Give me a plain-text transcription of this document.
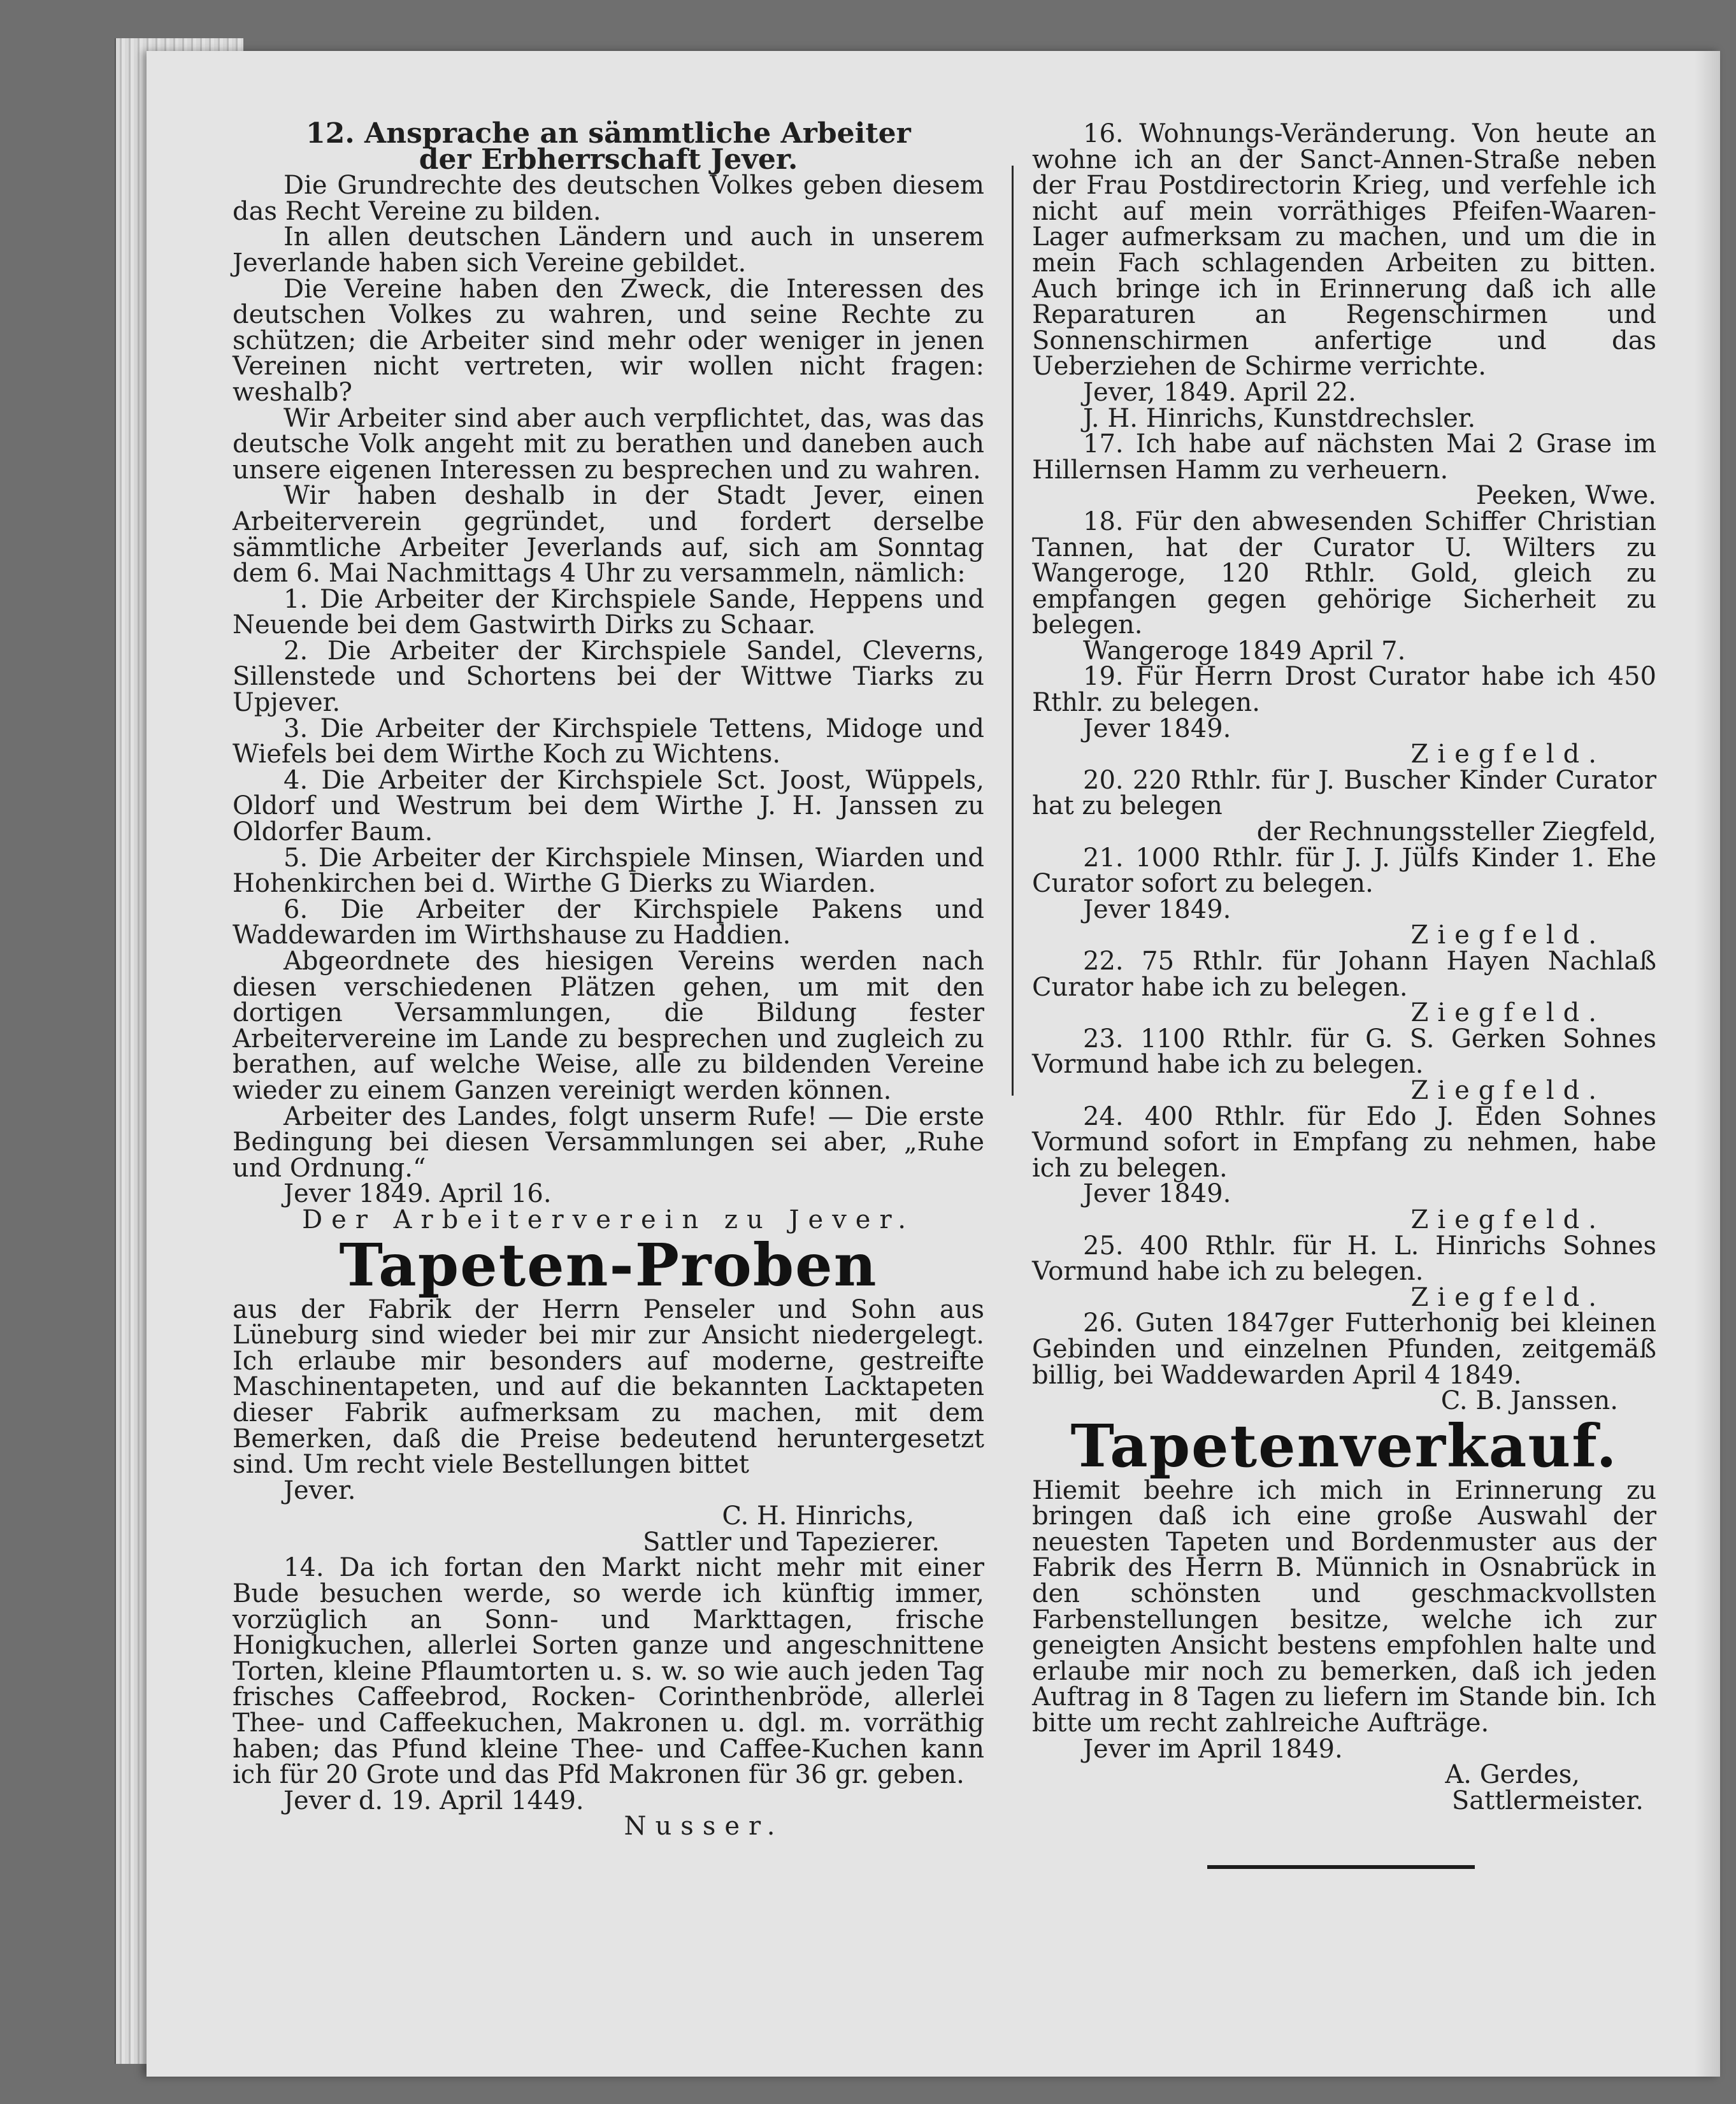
12. Ansprache an sämmtliche Arbeiter

der Erbherrschaft Jever.

Die Grundrechte des deutschen Volkes geben diesem das Recht Vereine zu bilden.

In allen deutschen Ländern und auch in unserem Jeverlande haben sich Vereine gebildet.

Die Vereine haben den Zweck, die Interessen des deutschen Volkes zu wahren, und seine Rechte zu schützen; die Arbeiter sind mehr oder weniger in jenen Vereinen nicht vertreten, wir wollen nicht fragen: weshalb?

Wir Arbeiter sind aber auch verpflichtet, das, was das deutsche Volk angeht mit zu berathen und daneben auch unsere eigenen Interessen zu besprechen und zu wahren.

Wir haben deshalb in der Stadt Jever, einen Arbeiterverein gegründet, und fordert derselbe sämmtliche Arbeiter Jeverlands auf, sich am Sonntag dem 6. Mai Nachmittags 4 Uhr zu versammeln, nämlich:

1. Die Arbeiter der Kirchspiele Sande, Heppens und Neuende bei dem Gastwirth Dirks zu Schaar.

2. Die Arbeiter der Kirchspiele Sandel, Cleverns, Sillenstede und Schortens bei der Wittwe Tiarks zu Upjever.

3. Die Arbeiter der Kirchspiele Tettens, Midoge und Wiefels bei dem Wirthe Koch zu Wichtens.

4. Die Arbeiter der Kirchspiele Sct. Joost, Wüppels, Oldorf und Westrum bei dem Wirthe J. H. Janssen zu Oldorfer Baum.

5. Die Arbeiter der Kirchspiele Minsen, Wiarden und Hohenkirchen bei d. Wirthe G Dierks zu Wiarden.

6. Die Arbeiter der Kirchspiele Pakens und Waddewarden im Wirthshause zu Haddien.

Abgeordnete des hiesigen Vereins werden nach diesen verschiedenen Plätzen gehen, um mit den dortigen Versammlungen, die Bildung fester Arbeitervereine im Lande zu besprechen und zugleich zu berathen, auf welche Weise, alle zu bildenden Vereine wieder zu einem Ganzen vereinigt werden können.

Arbeiter des Landes, folgt unserm Rufe! — Die erste Bedingung bei diesen Versammlungen sei aber, „Ruhe und Ordnung.“

Jever 1849. April 16.

Der Arbeiterverein zu Jever.

Tapeten-Proben

aus der Fabrik der Herrn Penseler und Sohn aus Lüneburg sind wieder bei mir zur Ansicht niedergelegt. Ich erlaube mir besonders auf moderne, gestreifte Maschinentapeten, und auf die bekannten Lacktapeten dieser Fabrik aufmerksam zu machen, mit dem Bemerken, daß die Preise bedeutend heruntergesetzt sind. Um recht viele Bestellungen bittet

Jever.

C. H. Hinrichs,

Sattler und Tapezierer.

14. Da ich fortan den Markt nicht mehr mit einer Bude besuchen werde, so werde ich künftig immer, vorzüglich an Sonn- und Markttagen, frische Honigkuchen, allerlei Sorten ganze und angeschnittene Torten, kleine Pflaumtorten u. s. w. so wie auch jeden Tag frisches Caffeebrod, Rocken- Corinthenbröde, allerlei Thee- und Caffeekuchen, Makronen u. dgl. m. vorräthig haben; das Pfund kleine Thee- und Caffee-Kuchen kann ich für 20 Grote und das Pfd Makronen für 36 gr. geben.

Jever d. 19. April 1449.

Nusser.

16. Wohnungs-Veränderung. Von heute an wohne ich an der Sanct-Annen-Straße neben der Frau Postdirectorin Krieg, und verfehle ich nicht auf mein vorräthiges Pfeifen-Waaren-Lager aufmerksam zu machen, und um die in mein Fach schlagenden Arbeiten zu bitten. Auch bringe ich in Erinnerung daß ich alle Reparaturen an Regenschirmen und Sonnenschirmen anfertige und das Ueberziehen de Schirme verrichte.

Jever, 1849. April 22.

J. H. Hinrichs, Kunstdrechsler.

17. Ich habe auf nächsten Mai 2 Grase im Hillernsen Hamm zu verheuern.

Peeken, Wwe.

18. Für den abwesenden Schiffer Christian Tannen, hat der Curator U. Wilters zu Wangeroge, 120 Rthlr. Gold, gleich zu empfangen gegen gehörige Sicherheit zu belegen.

Wangeroge 1849 April 7.

19. Für Herrn Drost Curator habe ich 450 Rthlr. zu belegen.

Jever 1849.

Ziegfeld.

20. 220 Rthlr. für J. Buscher Kinder Curator hat zu belegen

der Rechnungssteller Ziegfeld,

21. 1000 Rthlr. für J. J. Jülfs Kinder 1. Ehe Curator sofort zu belegen.

Jever 1849.

Ziegfeld.

22. 75 Rthlr. für Johann Hayen Nachlaß Curator habe ich zu belegen.

Ziegfeld.

23. 1100 Rthlr. für G. S. Gerken Sohnes Vormund habe ich zu belegen.

Ziegfeld.

24. 400 Rthlr. für Edo J. Eden Sohnes Vormund sofort in Empfang zu nehmen, habe ich zu belegen.

Jever 1849.

Ziegfeld.

25. 400 Rthlr. für H. L. Hinrichs Sohnes Vormund habe ich zu belegen.

Ziegfeld.

26. Guten 1847ger Futterhonig bei kleinen Gebinden und einzelnen Pfunden, zeitgemäß billig, bei Waddewarden April 4 1849.

C. B. Janssen.

Tapetenverkauf.

Hiemit beehre ich mich in Erinnerung zu bringen daß ich eine große Auswahl der neuesten Tapeten und Bordenmuster aus der Fabrik des Herrn B. Münnich in Osnabrück in den schönsten und geschmackvollsten Farbenstellungen besitze, welche ich zur geneigten Ansicht bestens empfohlen halte und erlaube mir noch zu bemerken, daß ich jeden Auftrag in 8 Tagen zu liefern im Stande bin. Ich bitte um recht zahlreiche Aufträge.

Jever im April 1849.

A. Gerdes,

Sattlermeister.
